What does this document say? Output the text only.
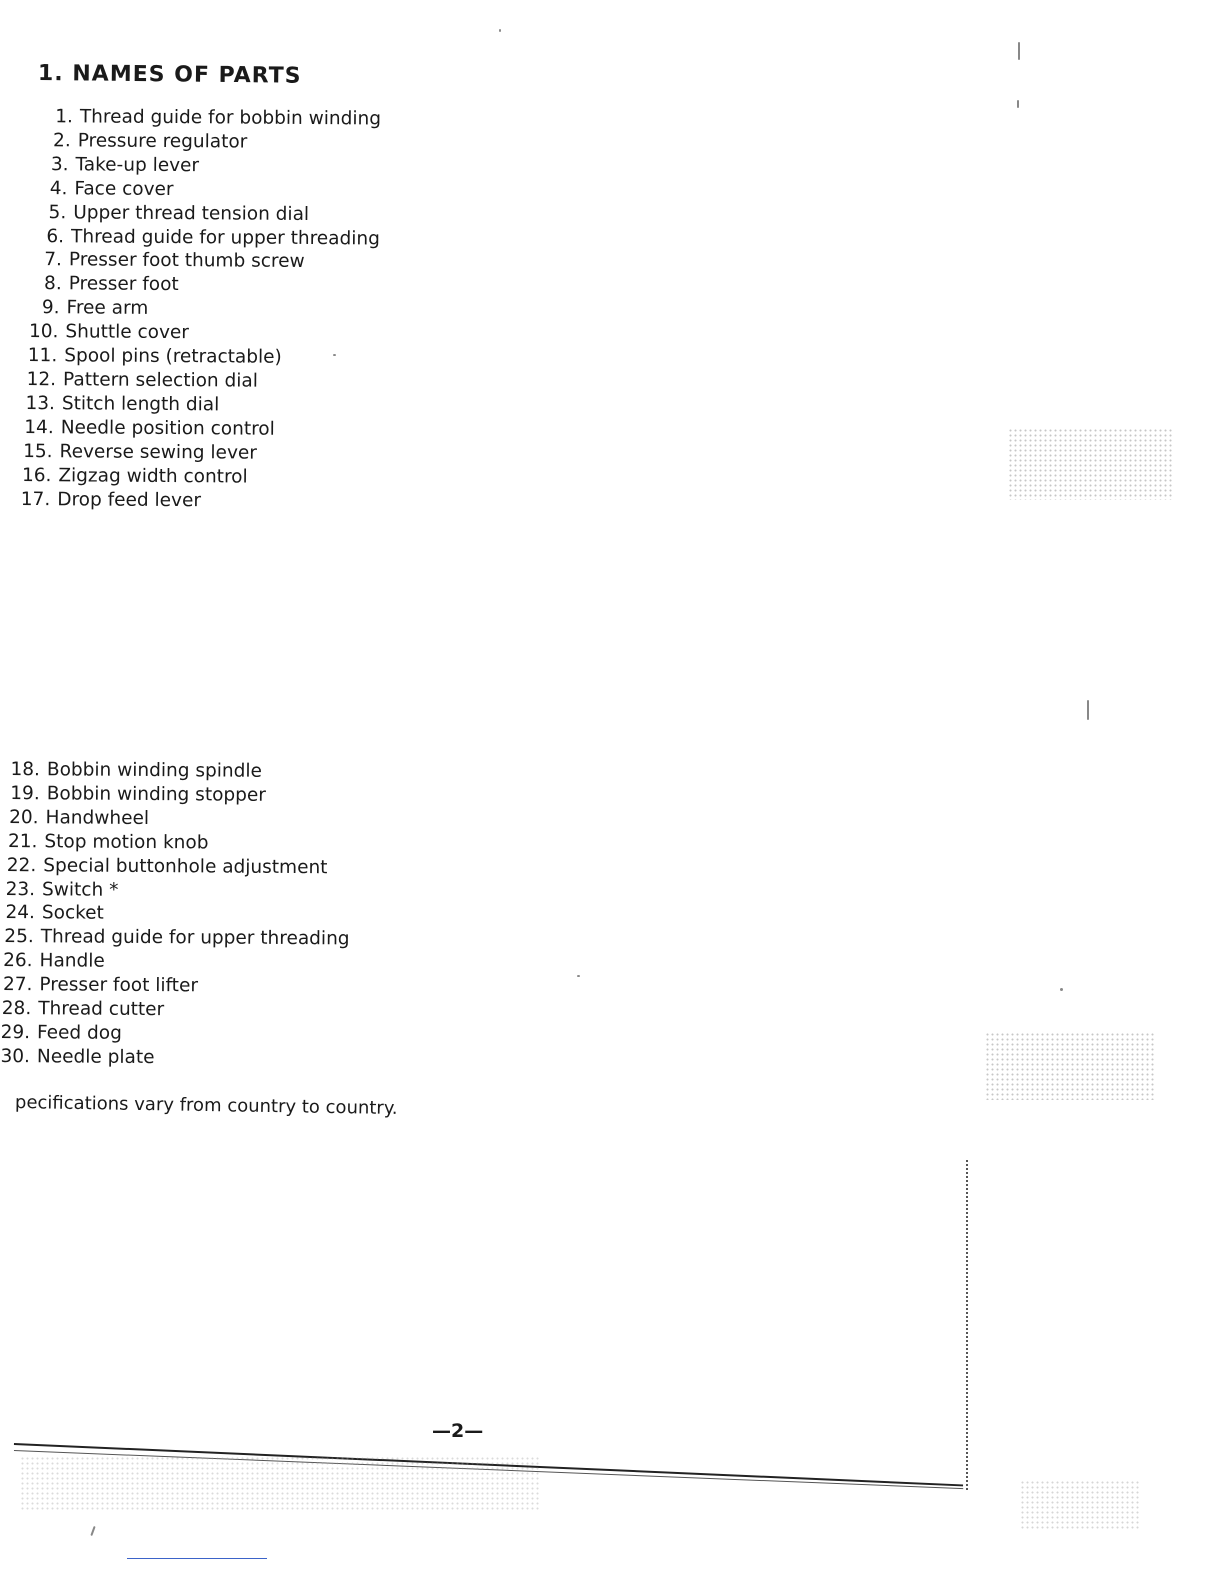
1. NAMES OF PARTS
1. Thread guide for bobbin winding
2. Pressure regulator
3. Take-up lever
4. Face cover
5. Upper thread tension dial
6. Thread guide for upper threading
7. Presser foot thumb screw
8. Presser foot
9. Free arm
10. Shuttle cover
11. Spool pins (retractable)
12. Pattern selection dial
13. Stitch length dial
14. Needle position control
15. Reverse sewing lever
16. Zigzag width control
17. Drop feed lever
18. Bobbin winding spindle
19. Bobbin winding stopper
20. Handwheel
21. Stop motion knob
22. Special buttonhole adjustment
23. Switch *
24. Socket
25. Thread guide for upper threading
26. Handle
27. Presser foot lifter
28. Thread cutter
29. Feed dog
30. Needle plate
pecifications vary from country to country.
—2—
